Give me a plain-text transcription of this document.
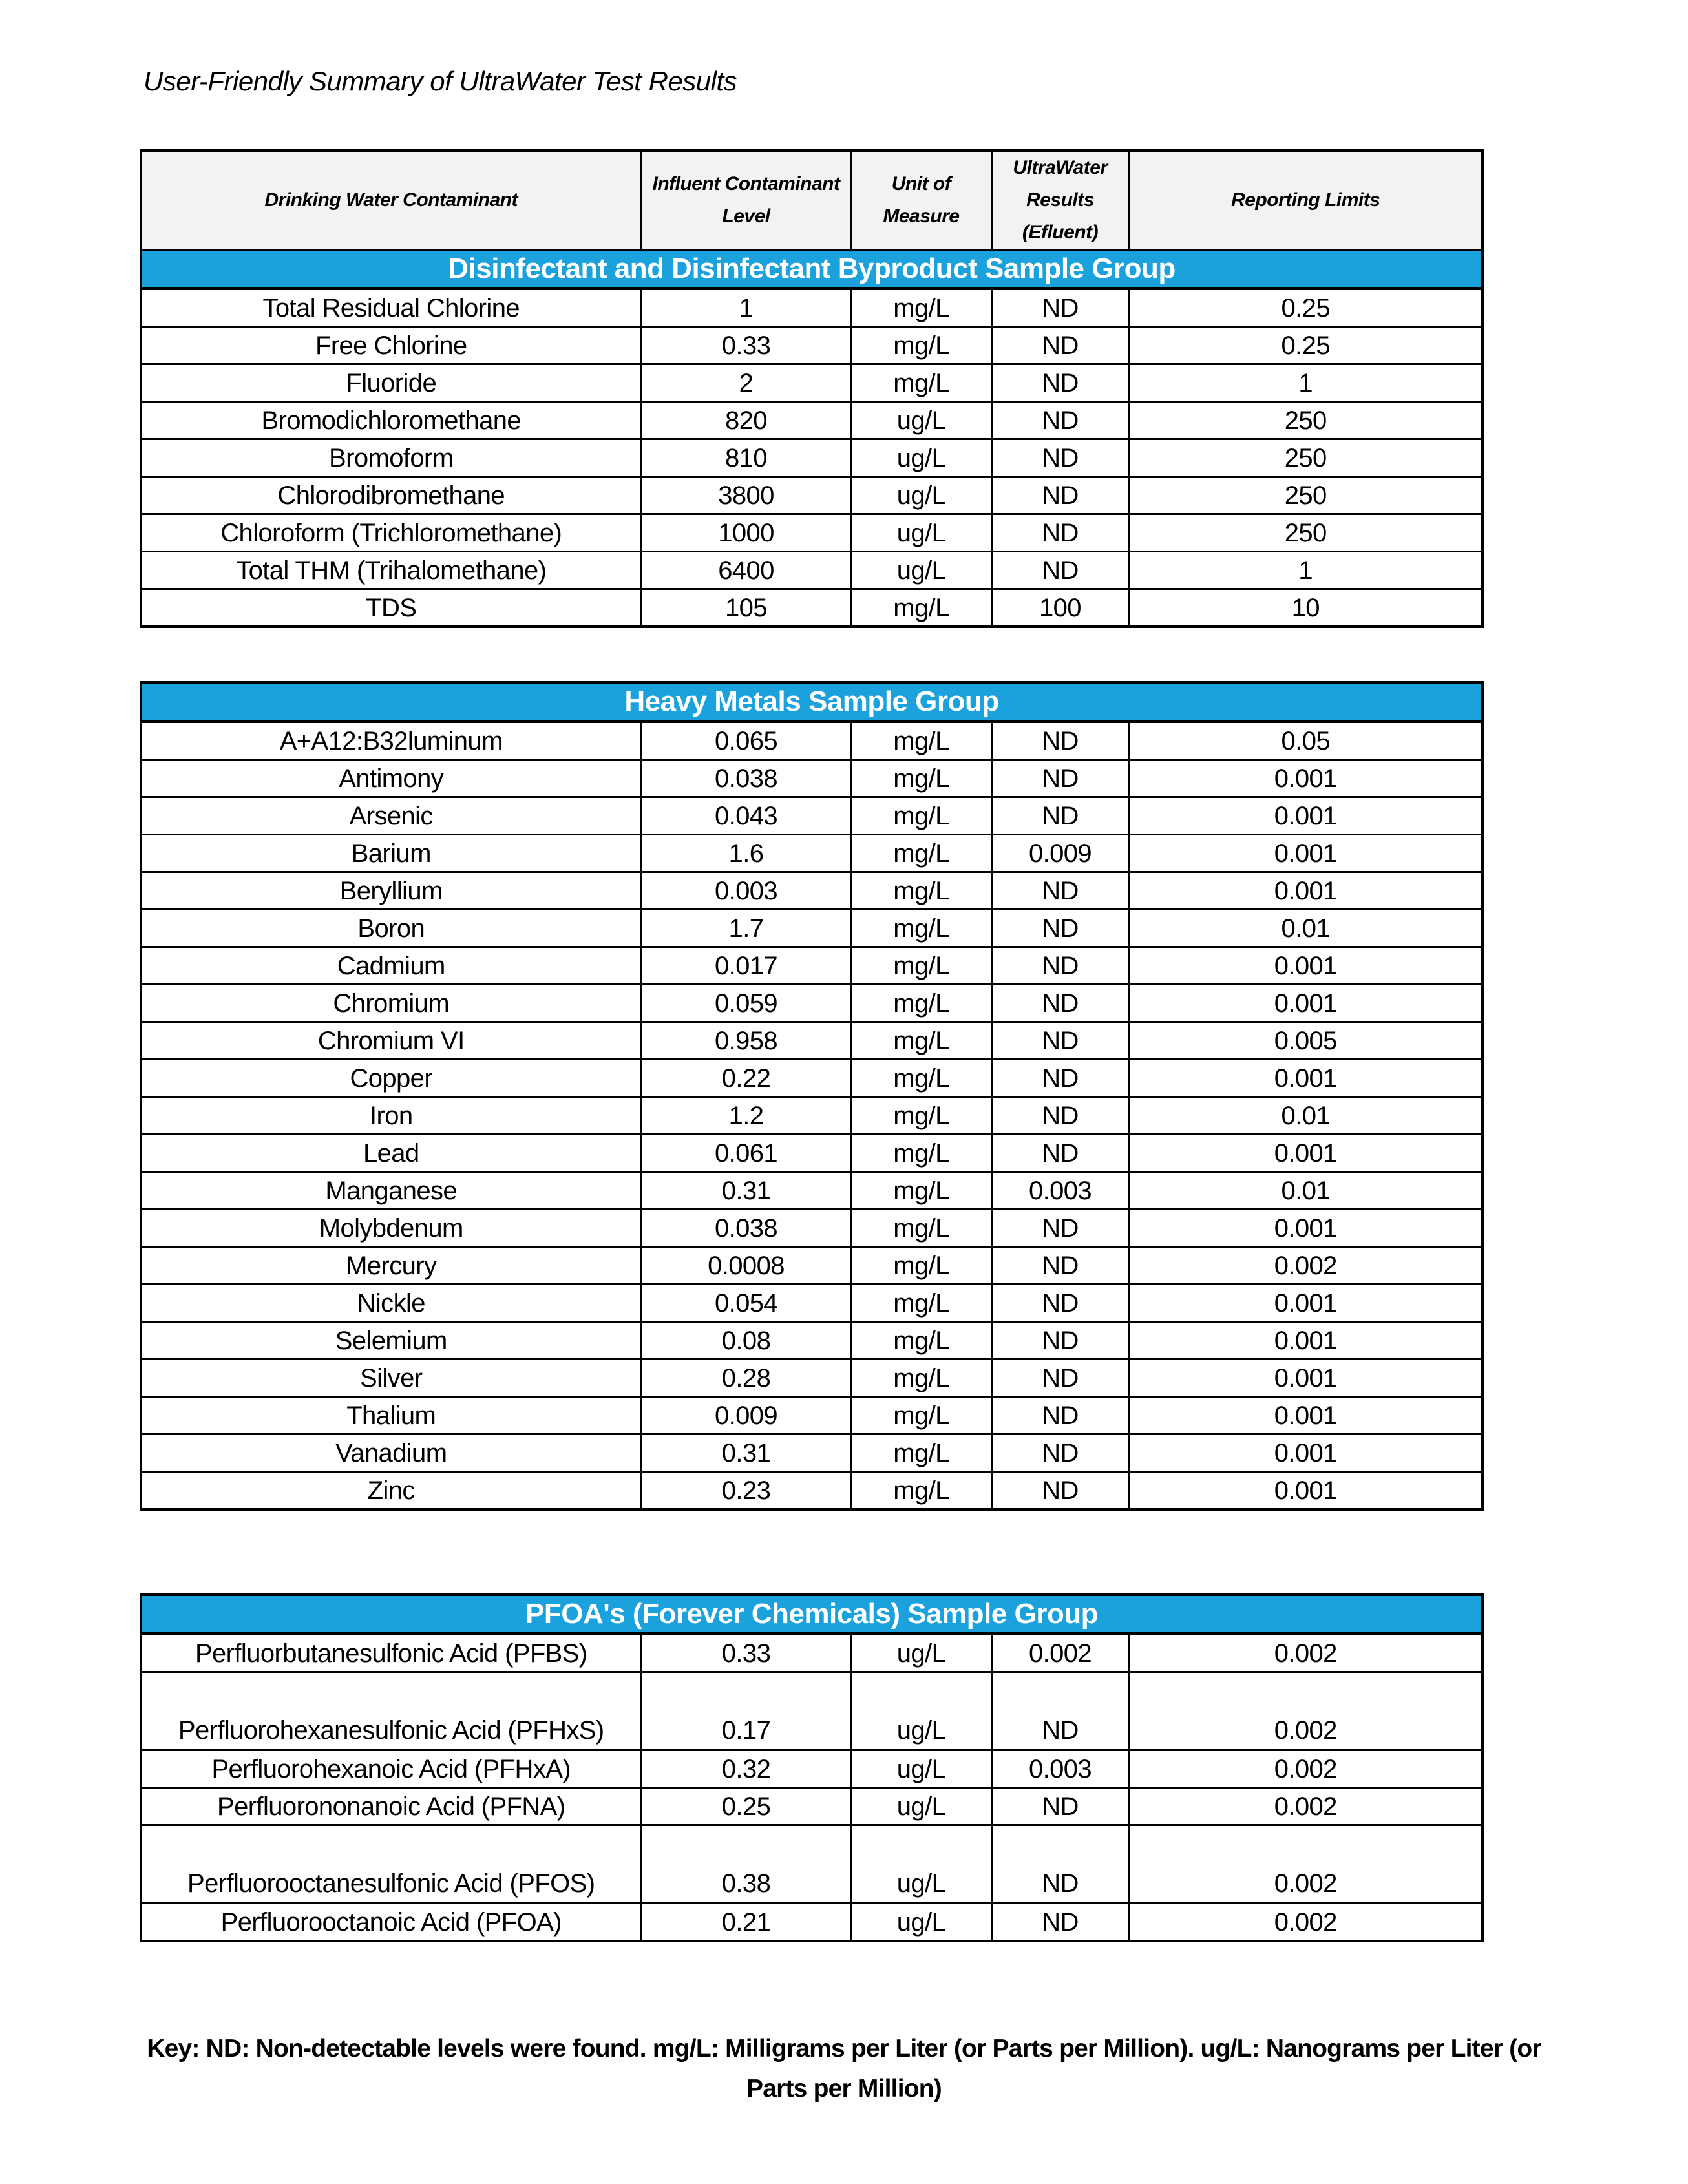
User-Friendly Summary of UltraWater Test Results
Drinking Water Contaminant	Influent Contaminant Level	Unit of Measure	UltraWater Results (Efluent)	Reporting Limits
Disinfectant and Disinfectant Byproduct Sample Group				
Total Residual Chlorine	1	mg/L	ND	0.25
Free Chlorine	0.33	mg/L	ND	0.25
Fluoride	2	mg/L	ND	1
Bromodichloromethane	820	ug/L	ND	250
Bromoform	810	ug/L	ND	250
Chlorodibromethane	3800	ug/L	ND	250
Chloroform (Trichloromethane)	1000	ug/L	ND	250
Total THM (Trihalomethane)	6400	ug/L	ND	1
TDS	105	mg/L	100	10
Heavy Metals Sample Group				
A+A12:B32luminum	0.065	mg/L	ND	0.05
Antimony	0.038	mg/L	ND	0.001
Arsenic	0.043	mg/L	ND	0.001
Barium	1.6	mg/L	0.009	0.001
Beryllium	0.003	mg/L	ND	0.001
Boron	1.7	mg/L	ND	0.01
Cadmium	0.017	mg/L	ND	0.001
Chromium	0.059	mg/L	ND	0.001
Chromium VI	0.958	mg/L	ND	0.005
Copper	0.22	mg/L	ND	0.001
Iron	1.2	mg/L	ND	0.01
Lead	0.061	mg/L	ND	0.001
Manganese	0.31	mg/L	0.003	0.01
Molybdenum	0.038	mg/L	ND	0.001
Mercury	0.0008	mg/L	ND	0.002
Nickle	0.054	mg/L	ND	0.001
Selemium	0.08	mg/L	ND	0.001
Silver	0.28	mg/L	ND	0.001
Thalium	0.009	mg/L	ND	0.001
Vanadium	0.31	mg/L	ND	0.001
Zinc	0.23	mg/L	ND	0.001
PFOA's (Forever Chemicals) Sample Group				
Perfluorbutanesulfonic Acid (PFBS)	0.33	ug/L	0.002	0.002
Perfluorohexanesulfonic Acid (PFHxS)	0.17	ug/L	ND	0.002
Perfluorohexanoic Acid (PFHxA)	0.32	ug/L	0.003	0.002
Perfluorononanoic Acid (PFNA)	0.25	ug/L	ND	0.002
Perfluorooctanesulfonic Acid (PFOS)	0.38	ug/L	ND	0.002
Perfluorooctanoic Acid (PFOA)	0.21	ug/L	ND	0.002
Key: ND: Non-detectable levels were found. mg/L: Milligrams per Liter (or Parts per Million). ug/L: Nanograms per Liter (or Parts per Million)
